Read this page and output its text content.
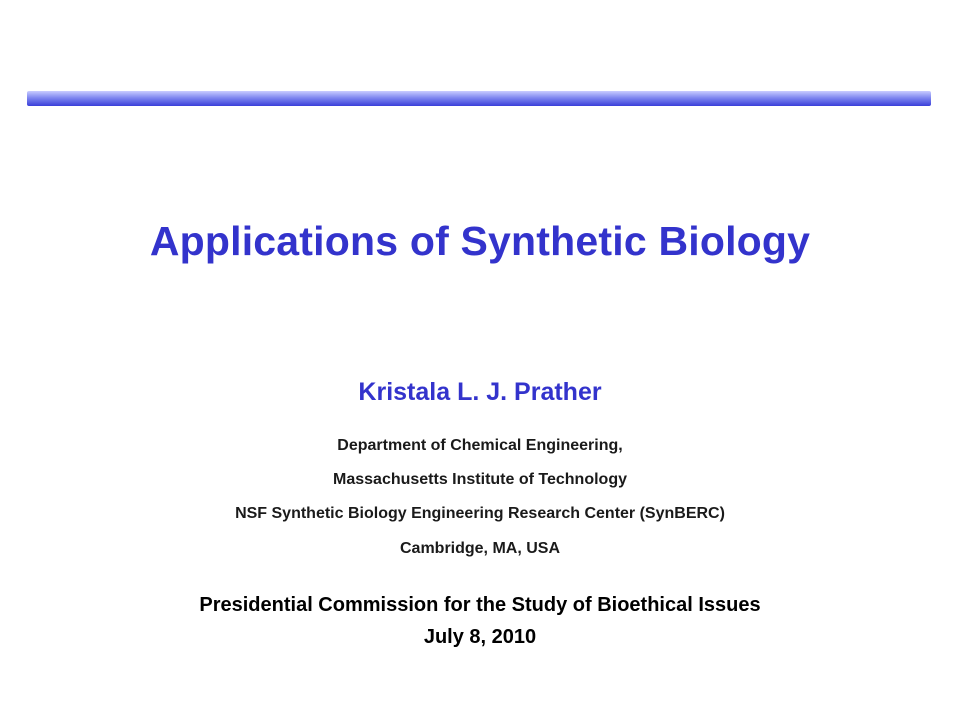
Applications of Synthetic Biology
Kristala L. J. Prather
Department of Chemical Engineering,
Massachusetts Institute of Technology
NSF Synthetic Biology Engineering Research Center (SynBERC)
Cambridge, MA, USA
Presidential Commission for the Study of Bioethical Issues
July 8, 2010
